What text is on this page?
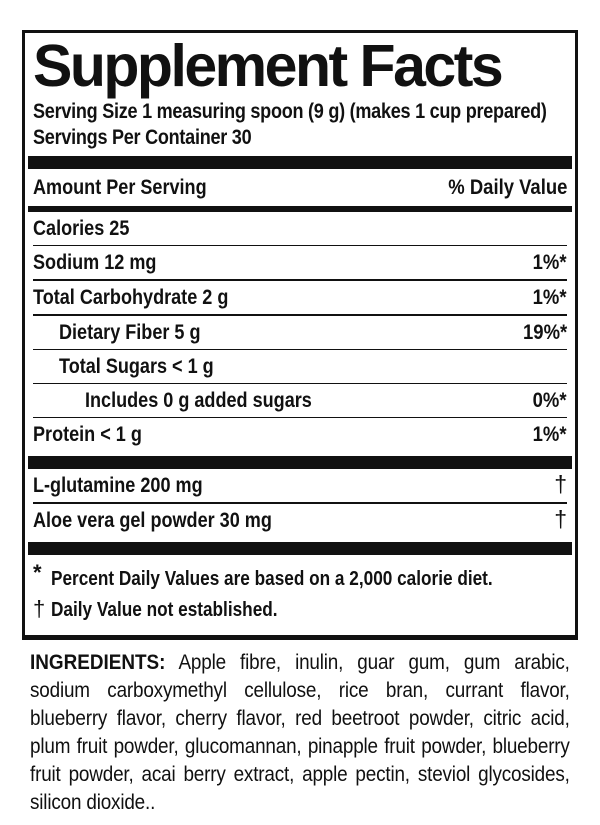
Supplement Facts
Serving Size 1 measuring spoon (9 g) (makes 1 cup prepared)
Servings Per Container 30
Amount Per Serving	% Daily Value
Calories 25
Sodium 12 mg	1%*
Total Carbohydrate 2 g	1%*
Dietary Fiber 5 g	19%*
Total Sugars < 1 g
Includes 0 g added sugars	0%*
Protein < 1 g	1%*
L-glutamine 200 mg	†
Aloe vera gel powder 30 mg	†
* Percent Daily Values are based on a 2,000 calorie diet.
† Daily Value not established.

INGREDIENTS: Apple fibre, inulin, guar gum, gum arabic, sodium carboxymethyl cellulose, rice bran, currant flavor, blueberry flavor, cherry flavor, red beetroot powder, citric acid, plum fruit powder, glucomannan, pinapple fruit powder, blueberry fruit powder, acai berry extract, apple pectin, steviol glycosides, silicon dioxide..
